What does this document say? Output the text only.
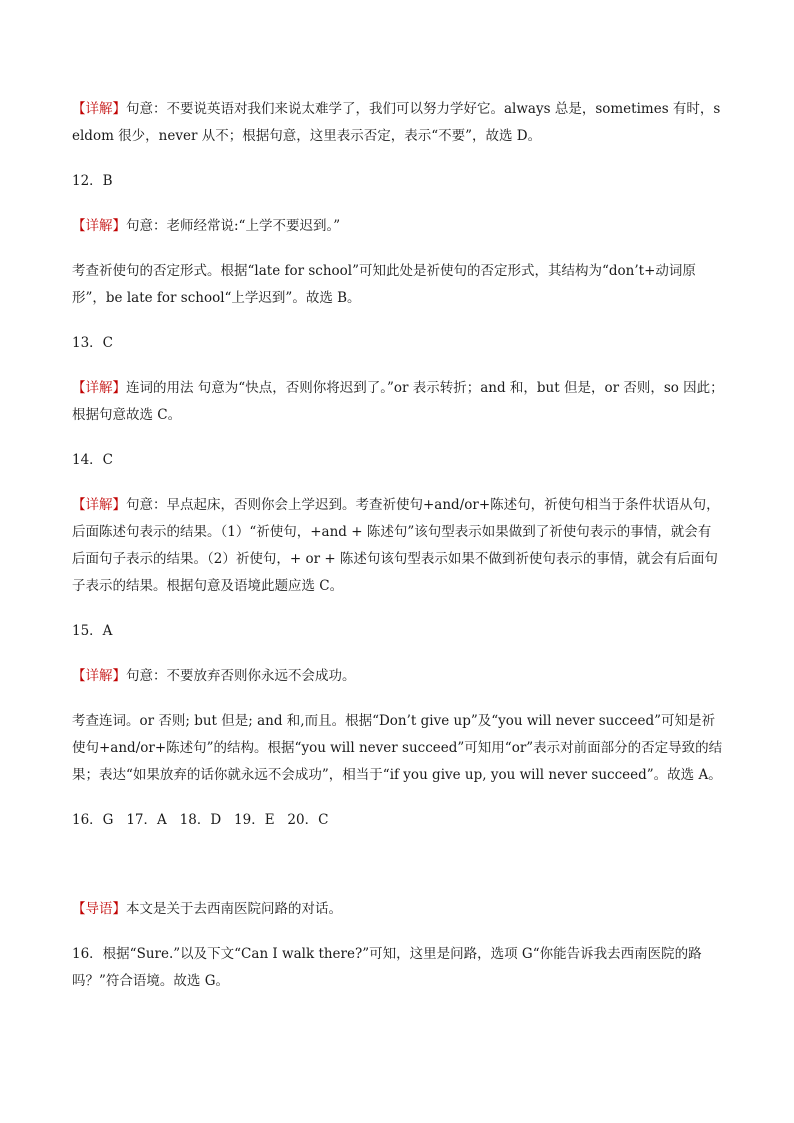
【详解】句意：不要说英语对我们来说太难学了，我们可以努力学好它。always 总是，sometimes 有时，seldom 很少，never 从不；根据句意，这里表示否定，表示“不要”，故选 D。

12．B

【详解】句意：老师经常说:“上学不要迟到。”

考查祈使句的否定形式。根据“late for school”可知此处是祈使句的否定形式，其结构为“don’t+动词原形”，be late for school“上学迟到”。故选 B。

13．C

【详解】连词的用法 句意为“快点，否则你将迟到了。”or 表示转折；and 和，but 但是，or 否则，so 因此；根据句意故选 C。

14．C

【详解】句意：早点起床，否则你会上学迟到。考查祈使句+and/or+陈述句，祈使句相当于条件状语从句，后面陈述句表示的结果。（1）“祈使句，+and + 陈述句”该句型表示如果做到了祈使句表示的事情，就会有后面句子表示的结果。（2）祈使句，+ or + 陈述句该句型表示如果不做到祈使句表示的事情，就会有后面句子表示的结果。根据句意及语境此题应选 C。

15．A

【详解】句意：不要放弃否则你永远不会成功。

考查连词。or 否则; but 但是; and 和,而且。根据“Don’t give up”及“you will never succeed”可知是祈使句+and/or+陈述句”的结构。根据“you will never succeed”可知用“or”表示对前面部分的否定导致的结果；表达“如果放弃的话你就永远不会成功”，相当于“if you give up, you will never succeed”。故选 A。

16．G   17．A   18．D   19．E   20．C

【导语】本文是关于去西南医院问路的对话。

16．根据“Sure.”以及下文“Can I walk there?”可知，这里是问路，选项 G“你能告诉我去西南医院的路吗？”符合语境。故选 G。
